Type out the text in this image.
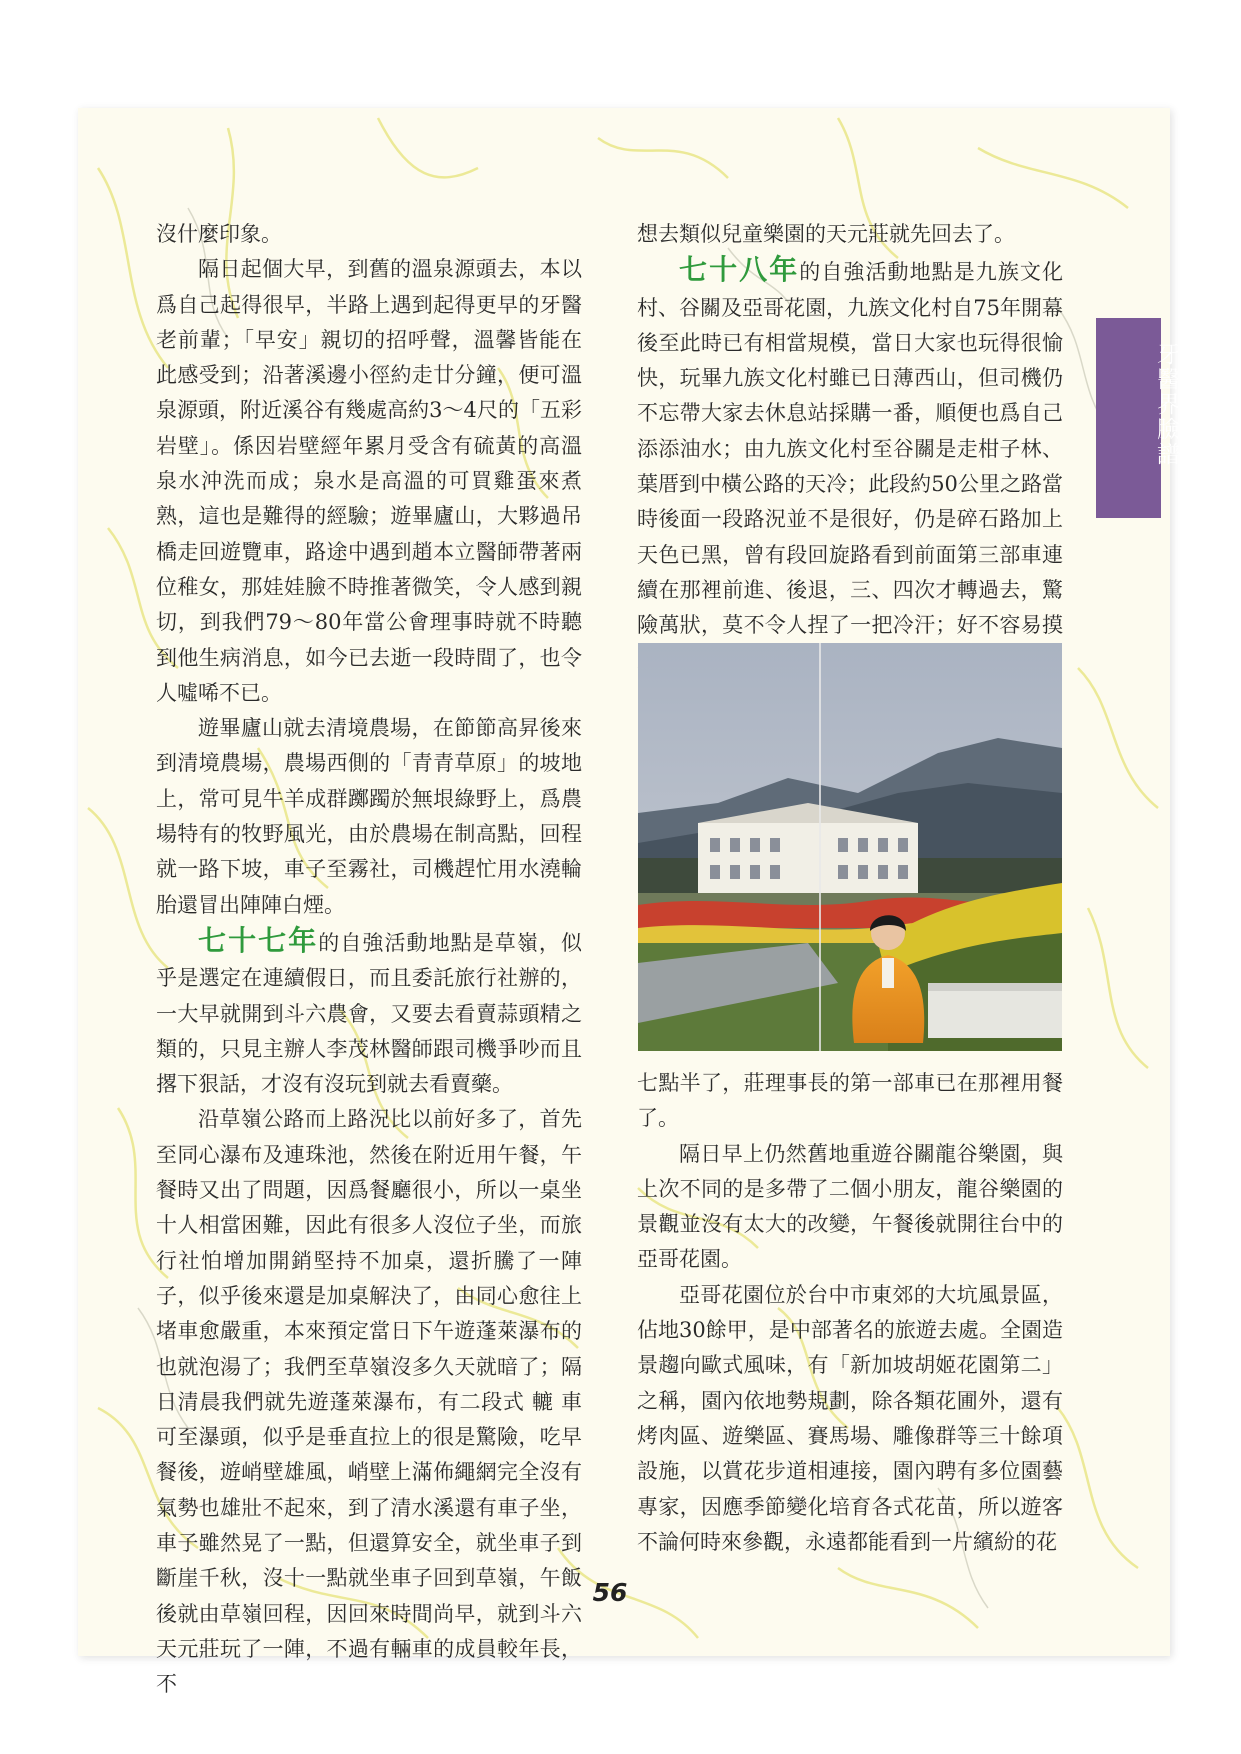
牙醫界臉譜

沒什麼印象。

隔日起個大早，到舊的溫泉源頭去，本以爲自己起得很早，半路上遇到起得更早的牙醫老前輩；「早安」親切的招呼聲，溫馨皆能在此感受到；沿著溪邊小徑約走廿分鐘，便可溫泉源頭，附近溪谷有幾處高約3～4尺的「五彩岩壁」。係因岩壁經年累月受含有硫黃的高溫泉水沖洗而成；泉水是高溫的可買雞蛋來煮熟，這也是難得的經驗；遊畢廬山，大夥過吊橋走回遊覽車，路途中遇到趙本立醫師帶著兩位稚女，那娃娃臉不時推著微笑，令人感到親切，到我們79～80年當公會理事時就不時聽到他生病消息，如今已去逝一段時間了，也令人噓唏不已。

遊畢廬山就去清境農場，在節節高昇後來到清境農場，農場西側的「青青草原」的坡地上，常可見牛羊成群躑躅於無垠綠野上，爲農場特有的牧野風光，由於農場在制高點，回程就一路下坡，車子至霧社，司機趕忙用水澆輪胎還冒出陣陣白煙。

七十七年的自強活動地點是草嶺，似乎是選定在連續假日，而且委託旅行社辦的，一大早就開到斗六農會，又要去看賣蒜頭精之類的，只見主辦人李茂林醫師跟司機爭吵而且撂下狠話，才沒有沒玩到就去看賣藥。

沿草嶺公路而上路況比以前好多了，首先至同心瀑布及連珠池，然後在附近用午餐，午餐時又出了問題，因爲餐廳很小，所以一桌坐十人相當困難，因此有很多人沒位子坐，而旅行社怕增加開銷堅持不加桌，還折騰了一陣子，似乎後來還是加桌解決了，由同心愈往上堵車愈嚴重，本來預定當日下午遊蓬萊瀑布的也就泡湯了；我們至草嶺沒多久天就暗了；隔日清晨我們就先遊蓬萊瀑布，有二段式 轆 車可至瀑頭，似乎是垂直拉上的很是驚險，吃早餐後，遊峭壁雄風，峭壁上滿佈繩網完全沒有氣勢也雄壯不起來，到了清水溪還有車子坐，車子雖然晃了一點，但還算安全，就坐車子到斷崖千秋，沒十一點就坐車子回到草嶺，午飯後就由草嶺回程，因回來時間尚早，就到斗六天元莊玩了一陣，不過有輛車的成員較年長，不

想去類似兒童樂園的天元莊就先回去了。

七十八年的自強活動地點是九族文化村、谷關及亞哥花園，九族文化村自75年開幕後至此時已有相當規模，當日大家也玩得很愉快，玩畢九族文化村雖已日薄西山，但司機仍不忘帶大家去休息站採購一番，順便也爲自己添添油水；由九族文化村至谷關是走柑子林、葉厝到中橫公路的天冷；此段約50公里之路當時後面一段路況並不是很好，仍是碎石路加上天色已黑，曾有段回旋路看到前面第三部車連續在那裡前進、後退，三、四次才轉過去，驚險萬狀，莫不令人捏了一把冷汗；好不容易摸

七點半了，莊理事長的第一部車已在那裡用餐了。

隔日早上仍然舊地重遊谷關龍谷樂園，與上次不同的是多帶了二個小朋友，龍谷樂園的景觀並沒有太大的改變，午餐後就開往台中的亞哥花園。

亞哥花園位於台中市東郊的大坑風景區，佔地30餘甲，是中部著名的旅遊去處。全園造景趨向歐式風味，有「新加坡胡姬花園第二」之稱，園內依地勢規劃，除各類花圃外，還有烤肉區、遊樂區、賽馬場、雕像群等三十餘項設施，以賞花步道相連接，園內聘有多位園藝專家，因應季節變化培育各式花苗，所以遊客不論何時來參觀，永遠都能看到一片繽紛的花

56
